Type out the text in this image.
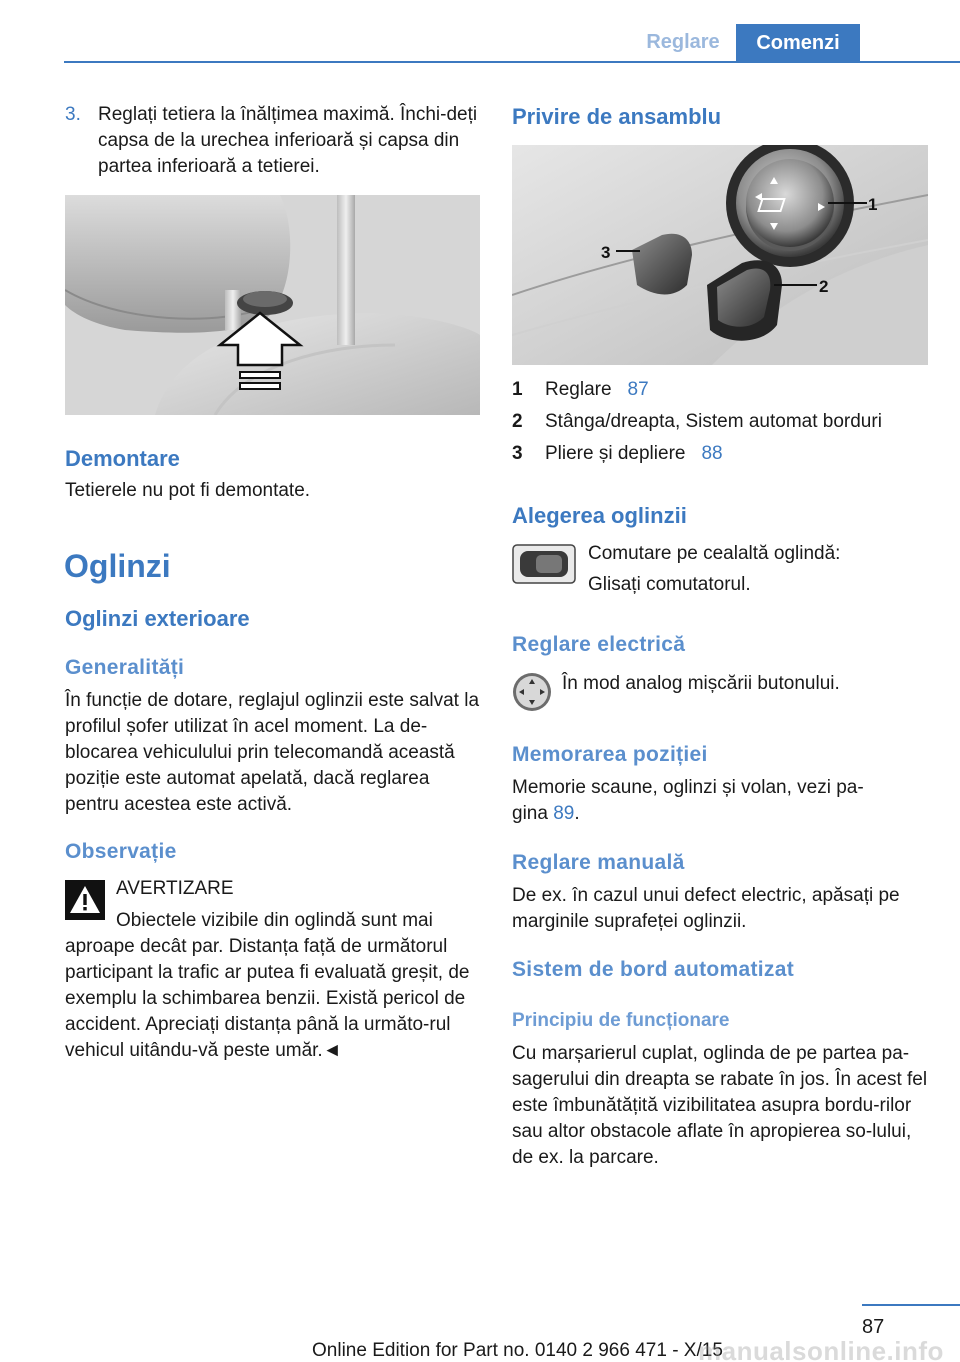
Reglare	Comenzi
3. Reglați tetiera la înălțimea maximă. Închi-deți capsa de la urechea inferioară și capsa din partea inferioară a tetierei.
Demontare
Tetierele nu pot fi demontate.
Oglinzi
Oglinzi exterioare
Generalități
În funcție de dotare, reglajul oglinzii este salvat la profilul șofer utilizat în acel moment. La de-blocarea vehiculului prin telecomandă această poziție este automat apelată, dacă reglarea pentru acestea este activă.
Observație
AVERTIZARE
Obiectele vizibile din oglindă sunt mai
aproape decât par. Distanța față de următorul participant la trafic ar putea fi evaluată greșit, de exemplu la schimbarea benzii. Există pericol de accident. Apreciați distanța până la următo-rul vehicul uitându-vă peste umăr.◄
Privire de ansamblu
1
2
3
1	Reglare 87
2	Stânga/dreapta, Sistem automat borduri
3	Pliere și depliere 88
Alegerea oglinzii
Comutare pe cealaltă oglindă:
Glisați comutatorul.
Reglare electrică
În mod analog mișcării butonului.
Memorarea poziției
Memorie scaune, oglinzi și volan, vezi pa-gina 89.
Reglare manuală
De ex. în cazul unui defect electric, apăsați pe marginile suprafeței oglinzii.
Sistem de bord automatizat
Principiu de funcționare
Cu marșarierul cuplat, oglinda de pe partea pa-sagerului din dreapta se rabate în jos. În acest fel este îmbunătățită vizibilitatea asupra bordu-rilor sau altor obstacole aflate în apropierea so-lului, de ex. la parcare.
87
Online Edition for Part no. 0140 2 966 471 - X/15
manualsonline.info
